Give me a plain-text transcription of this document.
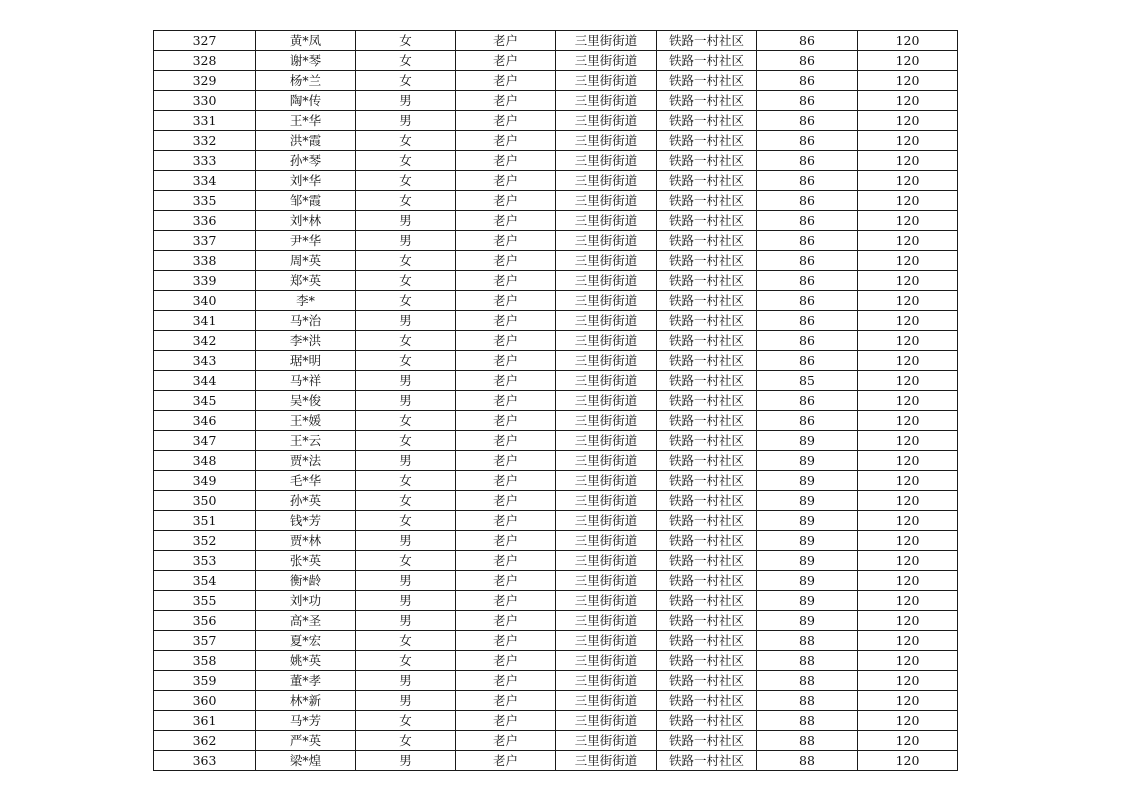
327	黄*凤	女	老户	三里街街道	铁路一村社区	86	120
328	谢*琴	女	老户	三里街街道	铁路一村社区	86	120
329	杨*兰	女	老户	三里街街道	铁路一村社区	86	120
330	陶*传	男	老户	三里街街道	铁路一村社区	86	120
331	王*华	男	老户	三里街街道	铁路一村社区	86	120
332	洪*霞	女	老户	三里街街道	铁路一村社区	86	120
333	孙*琴	女	老户	三里街街道	铁路一村社区	86	120
334	刘*华	女	老户	三里街街道	铁路一村社区	86	120
335	邹*霞	女	老户	三里街街道	铁路一村社区	86	120
336	刘*林	男	老户	三里街街道	铁路一村社区	86	120
337	尹*华	男	老户	三里街街道	铁路一村社区	86	120
338	周*英	女	老户	三里街街道	铁路一村社区	86	120
339	郑*英	女	老户	三里街街道	铁路一村社区	86	120
340	李*	女	老户	三里街街道	铁路一村社区	86	120
341	马*治	男	老户	三里街街道	铁路一村社区	86	120
342	李*洪	女	老户	三里街街道	铁路一村社区	86	120
343	琚*明	女	老户	三里街街道	铁路一村社区	86	120
344	马*祥	男	老户	三里街街道	铁路一村社区	85	120
345	吴*俊	男	老户	三里街街道	铁路一村社区	86	120
346	王*媛	女	老户	三里街街道	铁路一村社区	86	120
347	王*云	女	老户	三里街街道	铁路一村社区	89	120
348	贾*法	男	老户	三里街街道	铁路一村社区	89	120
349	毛*华	女	老户	三里街街道	铁路一村社区	89	120
350	孙*英	女	老户	三里街街道	铁路一村社区	89	120
351	钱*芳	女	老户	三里街街道	铁路一村社区	89	120
352	贾*林	男	老户	三里街街道	铁路一村社区	89	120
353	张*英	女	老户	三里街街道	铁路一村社区	89	120
354	衡*龄	男	老户	三里街街道	铁路一村社区	89	120
355	刘*功	男	老户	三里街街道	铁路一村社区	89	120
356	高*圣	男	老户	三里街街道	铁路一村社区	89	120
357	夏*宏	女	老户	三里街街道	铁路一村社区	88	120
358	姚*英	女	老户	三里街街道	铁路一村社区	88	120
359	董*孝	男	老户	三里街街道	铁路一村社区	88	120
360	林*新	男	老户	三里街街道	铁路一村社区	88	120
361	马*芳	女	老户	三里街街道	铁路一村社区	88	120
362	严*英	女	老户	三里街街道	铁路一村社区	88	120
363	梁*煌	男	老户	三里街街道	铁路一村社区	88	120
